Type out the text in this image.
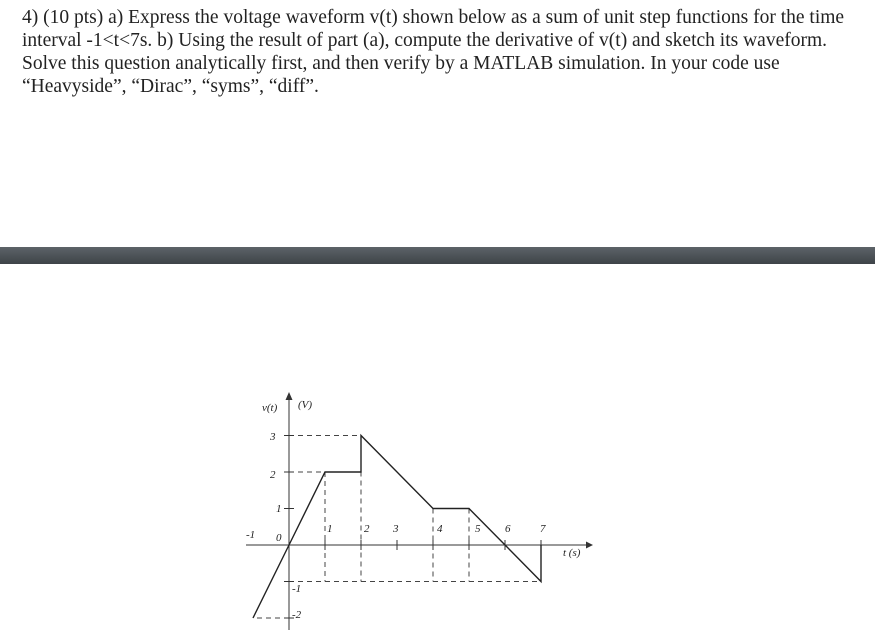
4) (10 pts) a) Express the voltage waveform v(t) shown below as a sum of unit step functions for the time interval -1<t<7s. b) Using the result of part (a), compute the derivative of v(t) and sketch its waveform. Solve this question analytically first, and then verify by a MATLAB simulation. In your code use “Heavyside”, “Dirac”, “syms”, “diff”.

v(t) (V)
t (s)
-1 0
1	2 3	4	5 6	7
3
2
1
-1
-2
